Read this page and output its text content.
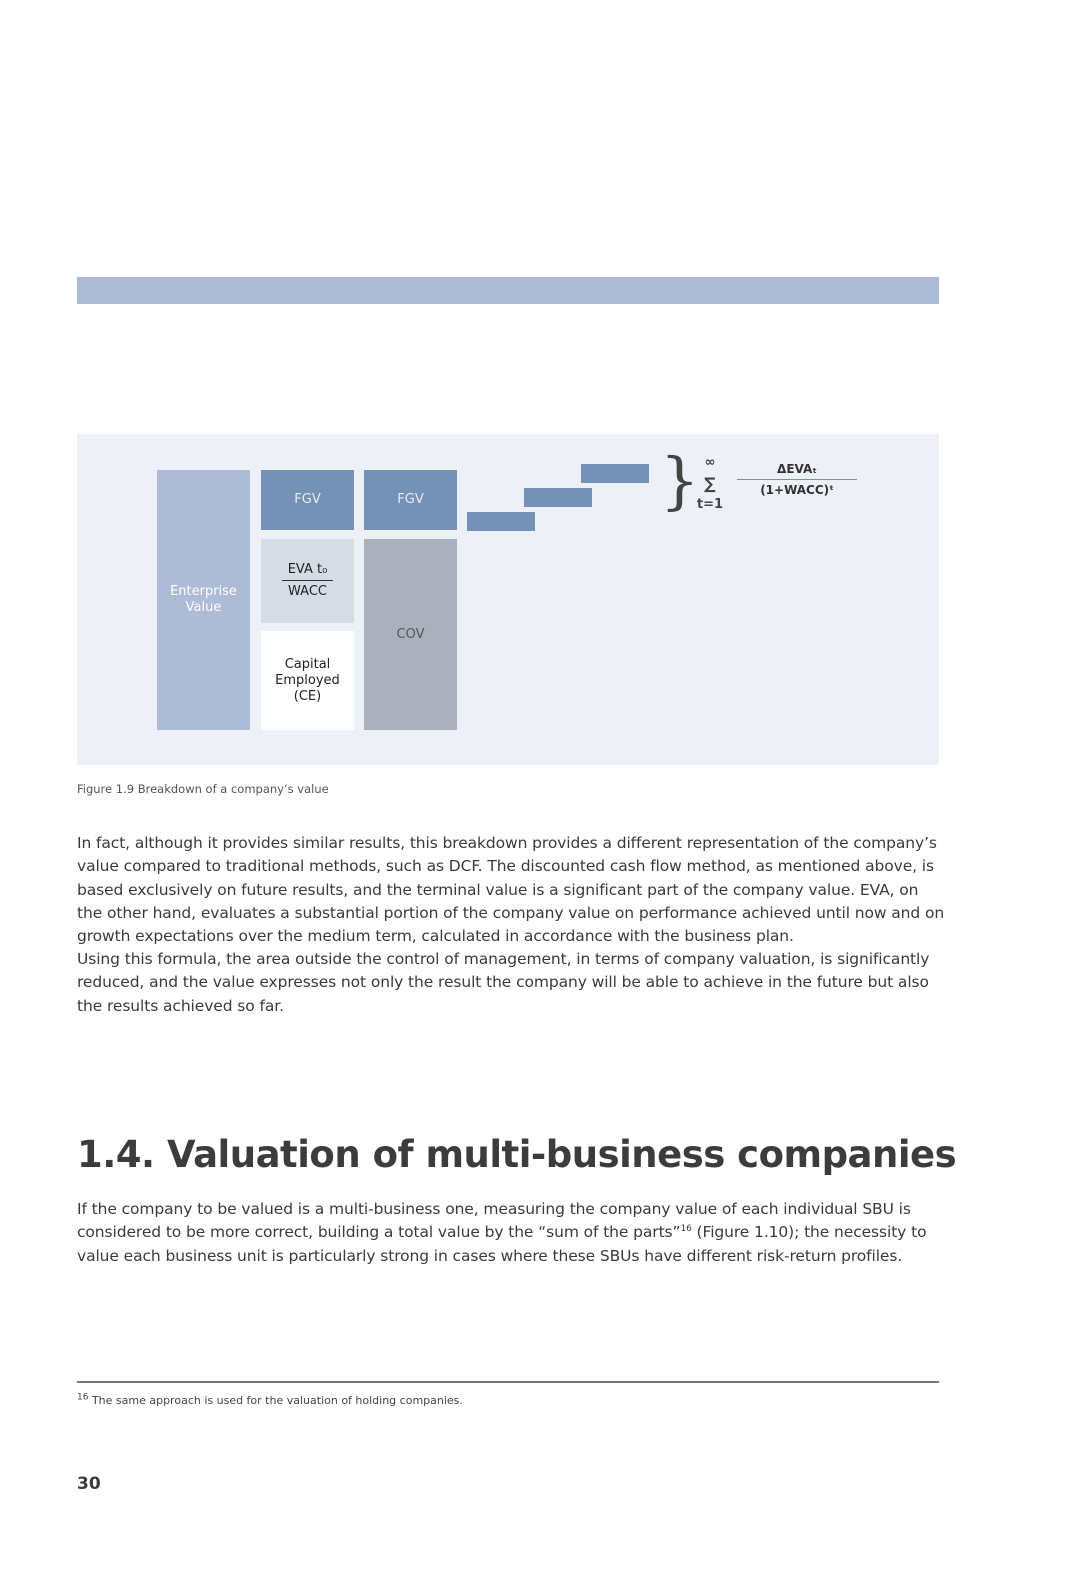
Enterprise
Value
FGV	FGV
EVA t₀
WACC
Capital
Employed
(CE)
COV
} ∞
∑
t=1
ΔEVAₜ
(1+WACC)ᵗ
Figure 1.9 Breakdown of a company’s value

In fact, although it provides similar results, this breakdown provides a different representation of the company’s value compared to traditional methods, such as DCF. The discounted cash flow method, as mentioned above, is based exclusively on future results, and the terminal value is a significant part of the company value. EVA, on the other hand, evaluates a substantial portion of the company value on performance achieved until now and on growth expectations over the medium term, calculated in accordance with the business plan.

Using this formula, the area outside the control of management, in terms of company valuation, is significantly reduced, and the value expresses not only the result the company will be able to achieve in the future but also the results achieved so far.

1.4. Valuation of multi-business companies

If the company to be valued is a multi-business one, measuring the company value of each individual SBU is considered to be more correct, building a total value by the “sum of the parts”$^{16}$ (Figure 1.10); the necessity to value each business unit is particularly strong in cases where these SBUs have different risk-return profiles.

$^{16}$ The same approach is used for the valuation of holding companies.
30
